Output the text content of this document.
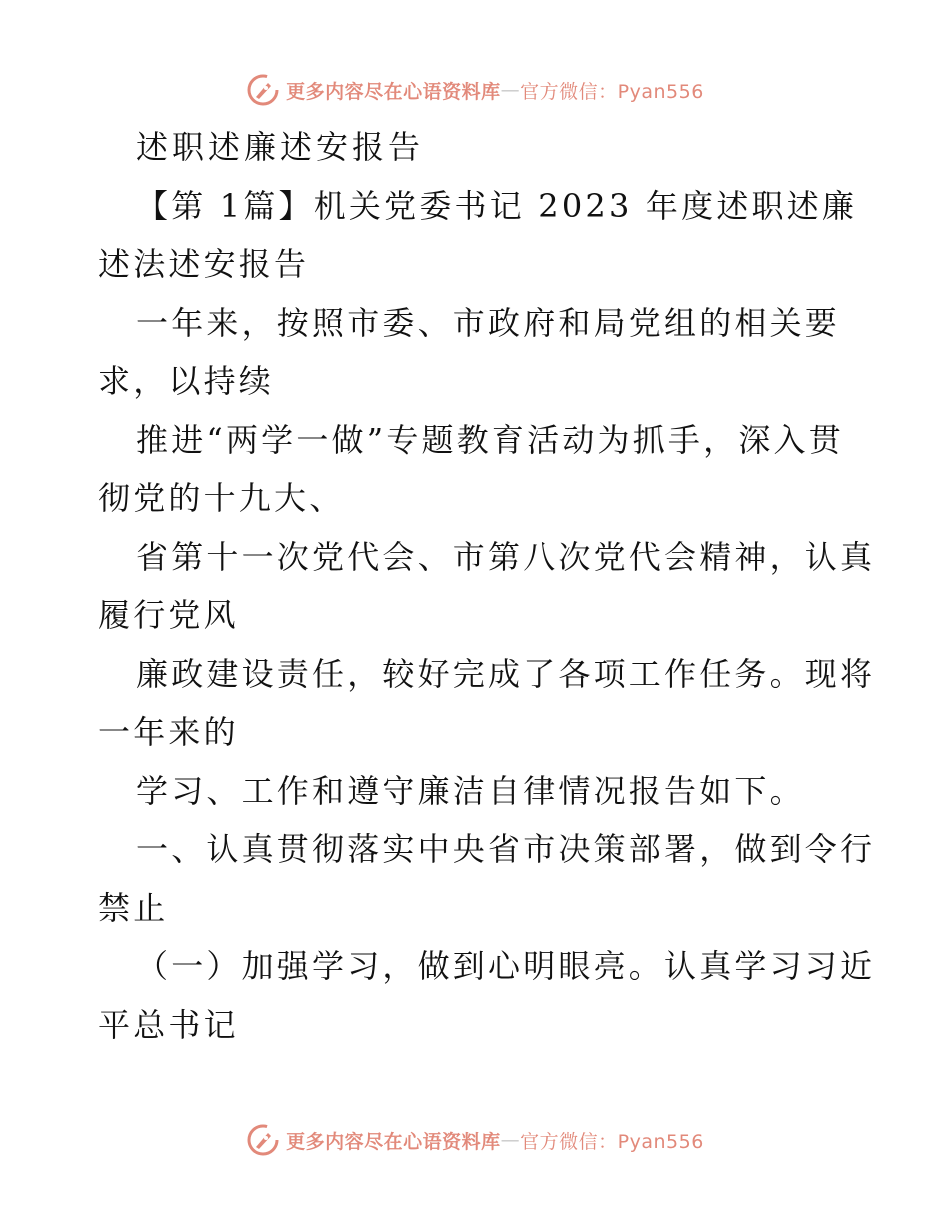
更多内容尽在心语资料库 — 官方微信：Pyan556
述职述廉述安报告
【第 1篇】机关党委书记 2023 年度述职述廉
述法述安报告
一年来，按照市委、市政府和局党组的相关要
求，以持续
推进“两学一做”专题教育活动为抓手，深入贯
彻党的十九大、
省第十一次党代会、市第八次党代会精神，认真
履行党风
廉政建设责任，较好完成了各项工作任务。现将
一年来的
学习、工作和遵守廉洁自律情况报告如下。
一、认真贯彻落实中央省市决策部署，做到令行
禁止
（一）加强学习，做到心明眼亮。认真学习习近
平总书记
更多内容尽在心语资料库 — 官方微信：Pyan556
